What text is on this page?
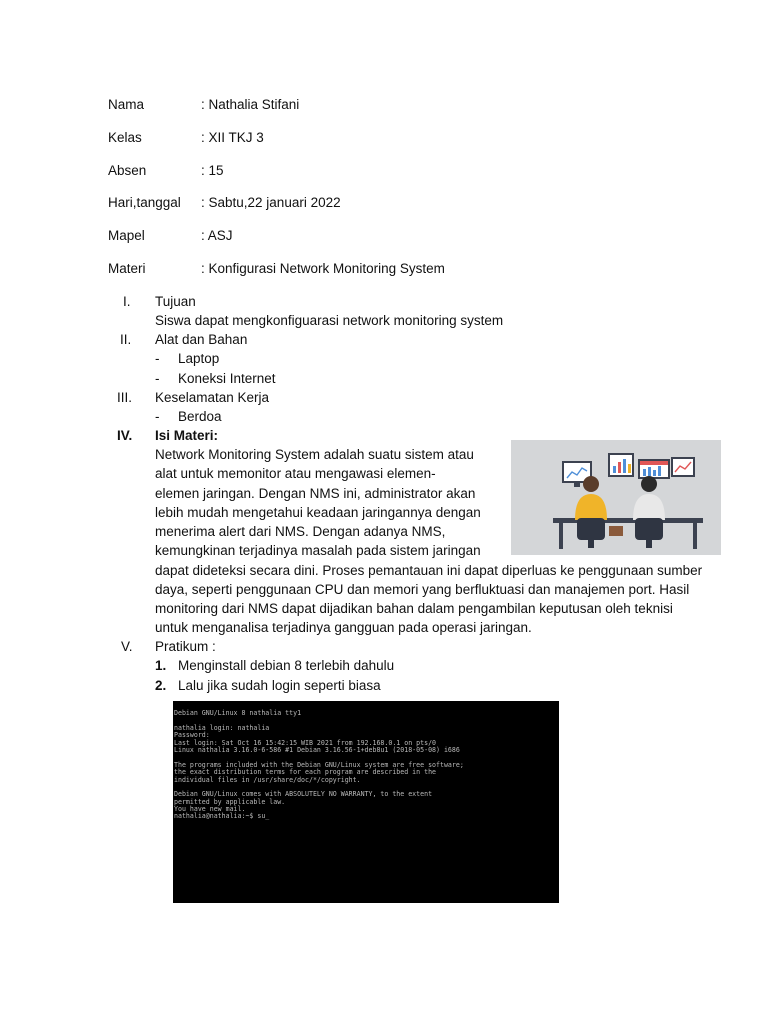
Nama	: Nathalia Stifani
Kelas	: XII TKJ 3
Absen	: 15
Hari,tanggal : Sabtu,22 januari 2022
Mapel	: ASJ
Materi	: Konfigurasi Network Monitoring System
I. Tujuan
Siswa dapat mengkonfiguarasi network monitoring system
II. Alat dan Bahan
- Laptop
- Koneksi Internet
III. Keselamatan Kerja
- Berdoa
IV. Isi Materi:
Network Monitoring System adalah suatu sistem atau
alat untuk memonitor atau mengawasi elemen-
elemen jaringan. Dengan NMS ini, administrator akan
lebih mudah mengetahui keadaan jaringannya dengan
menerima alert dari NMS. Dengan adanya NMS,
kemungkinan terjadinya masalah pada sistem jaringan
dapat dideteksi secara dini. Proses pemantauan ini dapat diperluas ke penggunaan sumber
daya, seperti penggunaan CPU dan memori yang berfluktuasi dan manajemen port. Hasil
monitoring dari NMS dapat dijadikan bahan dalam pengambilan keputusan oleh teknisi
untuk menganalisa terjadinya gangguan pada operasi jaringan.
V. Pratikum :
1. Menginstall debian 8 terlebih dahulu
2. Lalu jika sudah login seperti biasa
Debian GNU/Linux 8 nathalia tty1
nathalia login: nathalia
Password:
Last login: Sat Oct 16 15:42:15 WIB 2021 from 192.168.0.1 on pts/0
Linux nathalia 3.16.0-6-586 #1 Debian 3.16.56-1+deb8u1 (2018-05-08) i686
The programs included with the Debian GNU/Linux system are free software;
the exact distribution terms for each program are described in the
individual files in /usr/share/doc/*/copyright.
Debian GNU/Linux comes with ABSOLUTELY NO WARRANTY, to the extent
permitted by applicable law.
You have new mail.
nathalia@nathalia:~$ su_
